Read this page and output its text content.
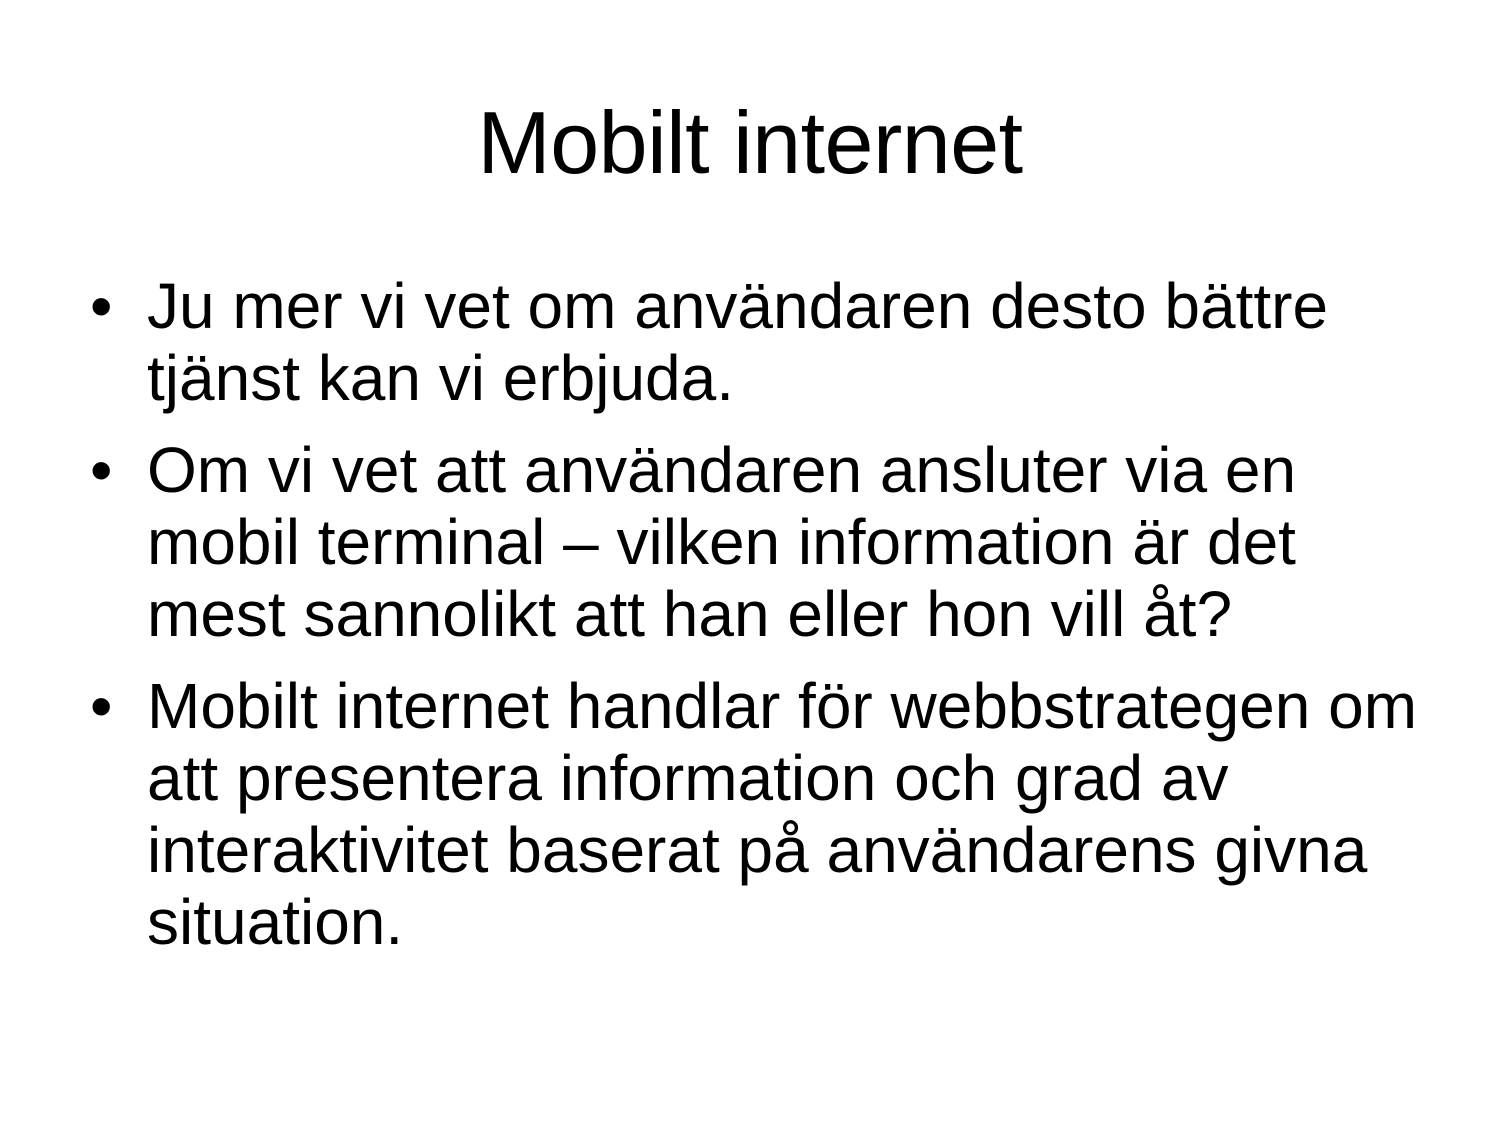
Mobilt internet
• Ju mer vi vet om användaren desto bättre tjänst kan vi erbjuda.
• Om vi vet att användaren ansluter via en mobil terminal – vilken information är det mest sannolikt att han eller hon vill åt?
• Mobilt internet handlar för webbstrategen om att presentera information och grad av interaktivitet baserat på användarens givna situation.
